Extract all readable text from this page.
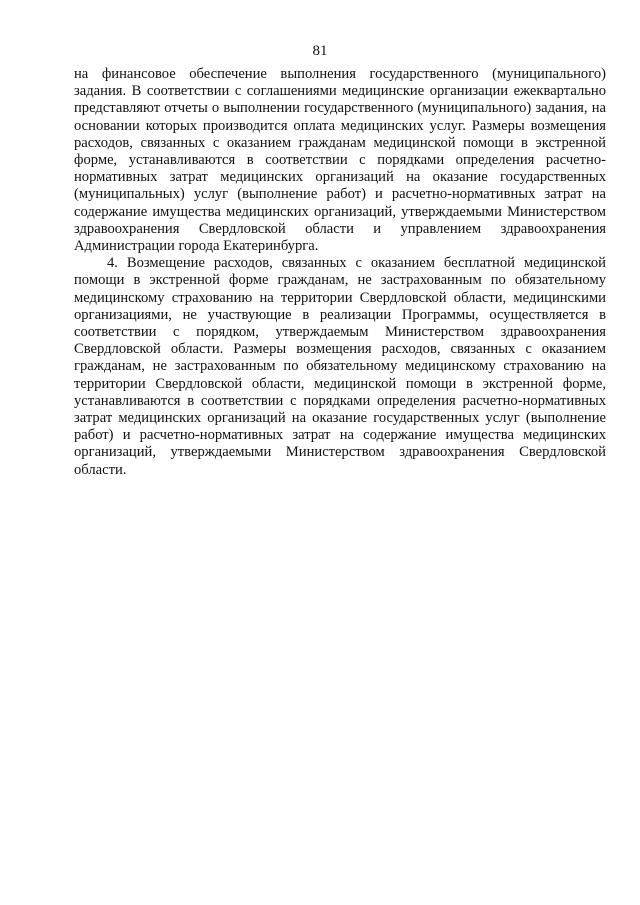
81

на финансовое обеспечение выполнения государственного (муниципального) задания. В соответствии с соглашениями медицинские организации ежеквартально представляют отчеты о выполнении государственного (муниципального) задания, на основании которых производится оплата медицинских услуг. Размеры возмещения расходов, связанных с оказанием гражданам медицинской помощи в экстренной форме, устанавливаются в соответствии с порядками определения расчетно-нормативных затрат медицинских организаций на оказание государственных (муниципальных) услуг (выполнение работ) и расчетно-нормативных затрат на содержание имущества медицинских организаций, утверждаемыми Министерством здравоохранения Свердловской области и управлением здравоохранения Администрации города Екатеринбурга.

4. Возмещение расходов, связанных с оказанием бесплатной медицинской помощи в экстренной форме гражданам, не застрахованным по обязательному медицинскому страхованию на территории Свердловской области, медицинскими организациями, не участвующие в реализации Программы, осуществляется в соответствии с порядком, утверждаемым Министерством здравоохранения Свердловской области. Размеры возмещения расходов, связанных с оказанием гражданам, не застрахованным по обязательному медицинскому страхованию на территории Свердловской области, медицинской помощи в экстренной форме, устанавливаются в соответствии с порядками определения расчетно-нормативных затрат медицинских организаций на оказание государственных услуг (выполнение работ) и расчетно-нормативных затрат на содержание имущества медицинских организаций, утверждаемыми Министерством здравоохранения Свердловской области.
